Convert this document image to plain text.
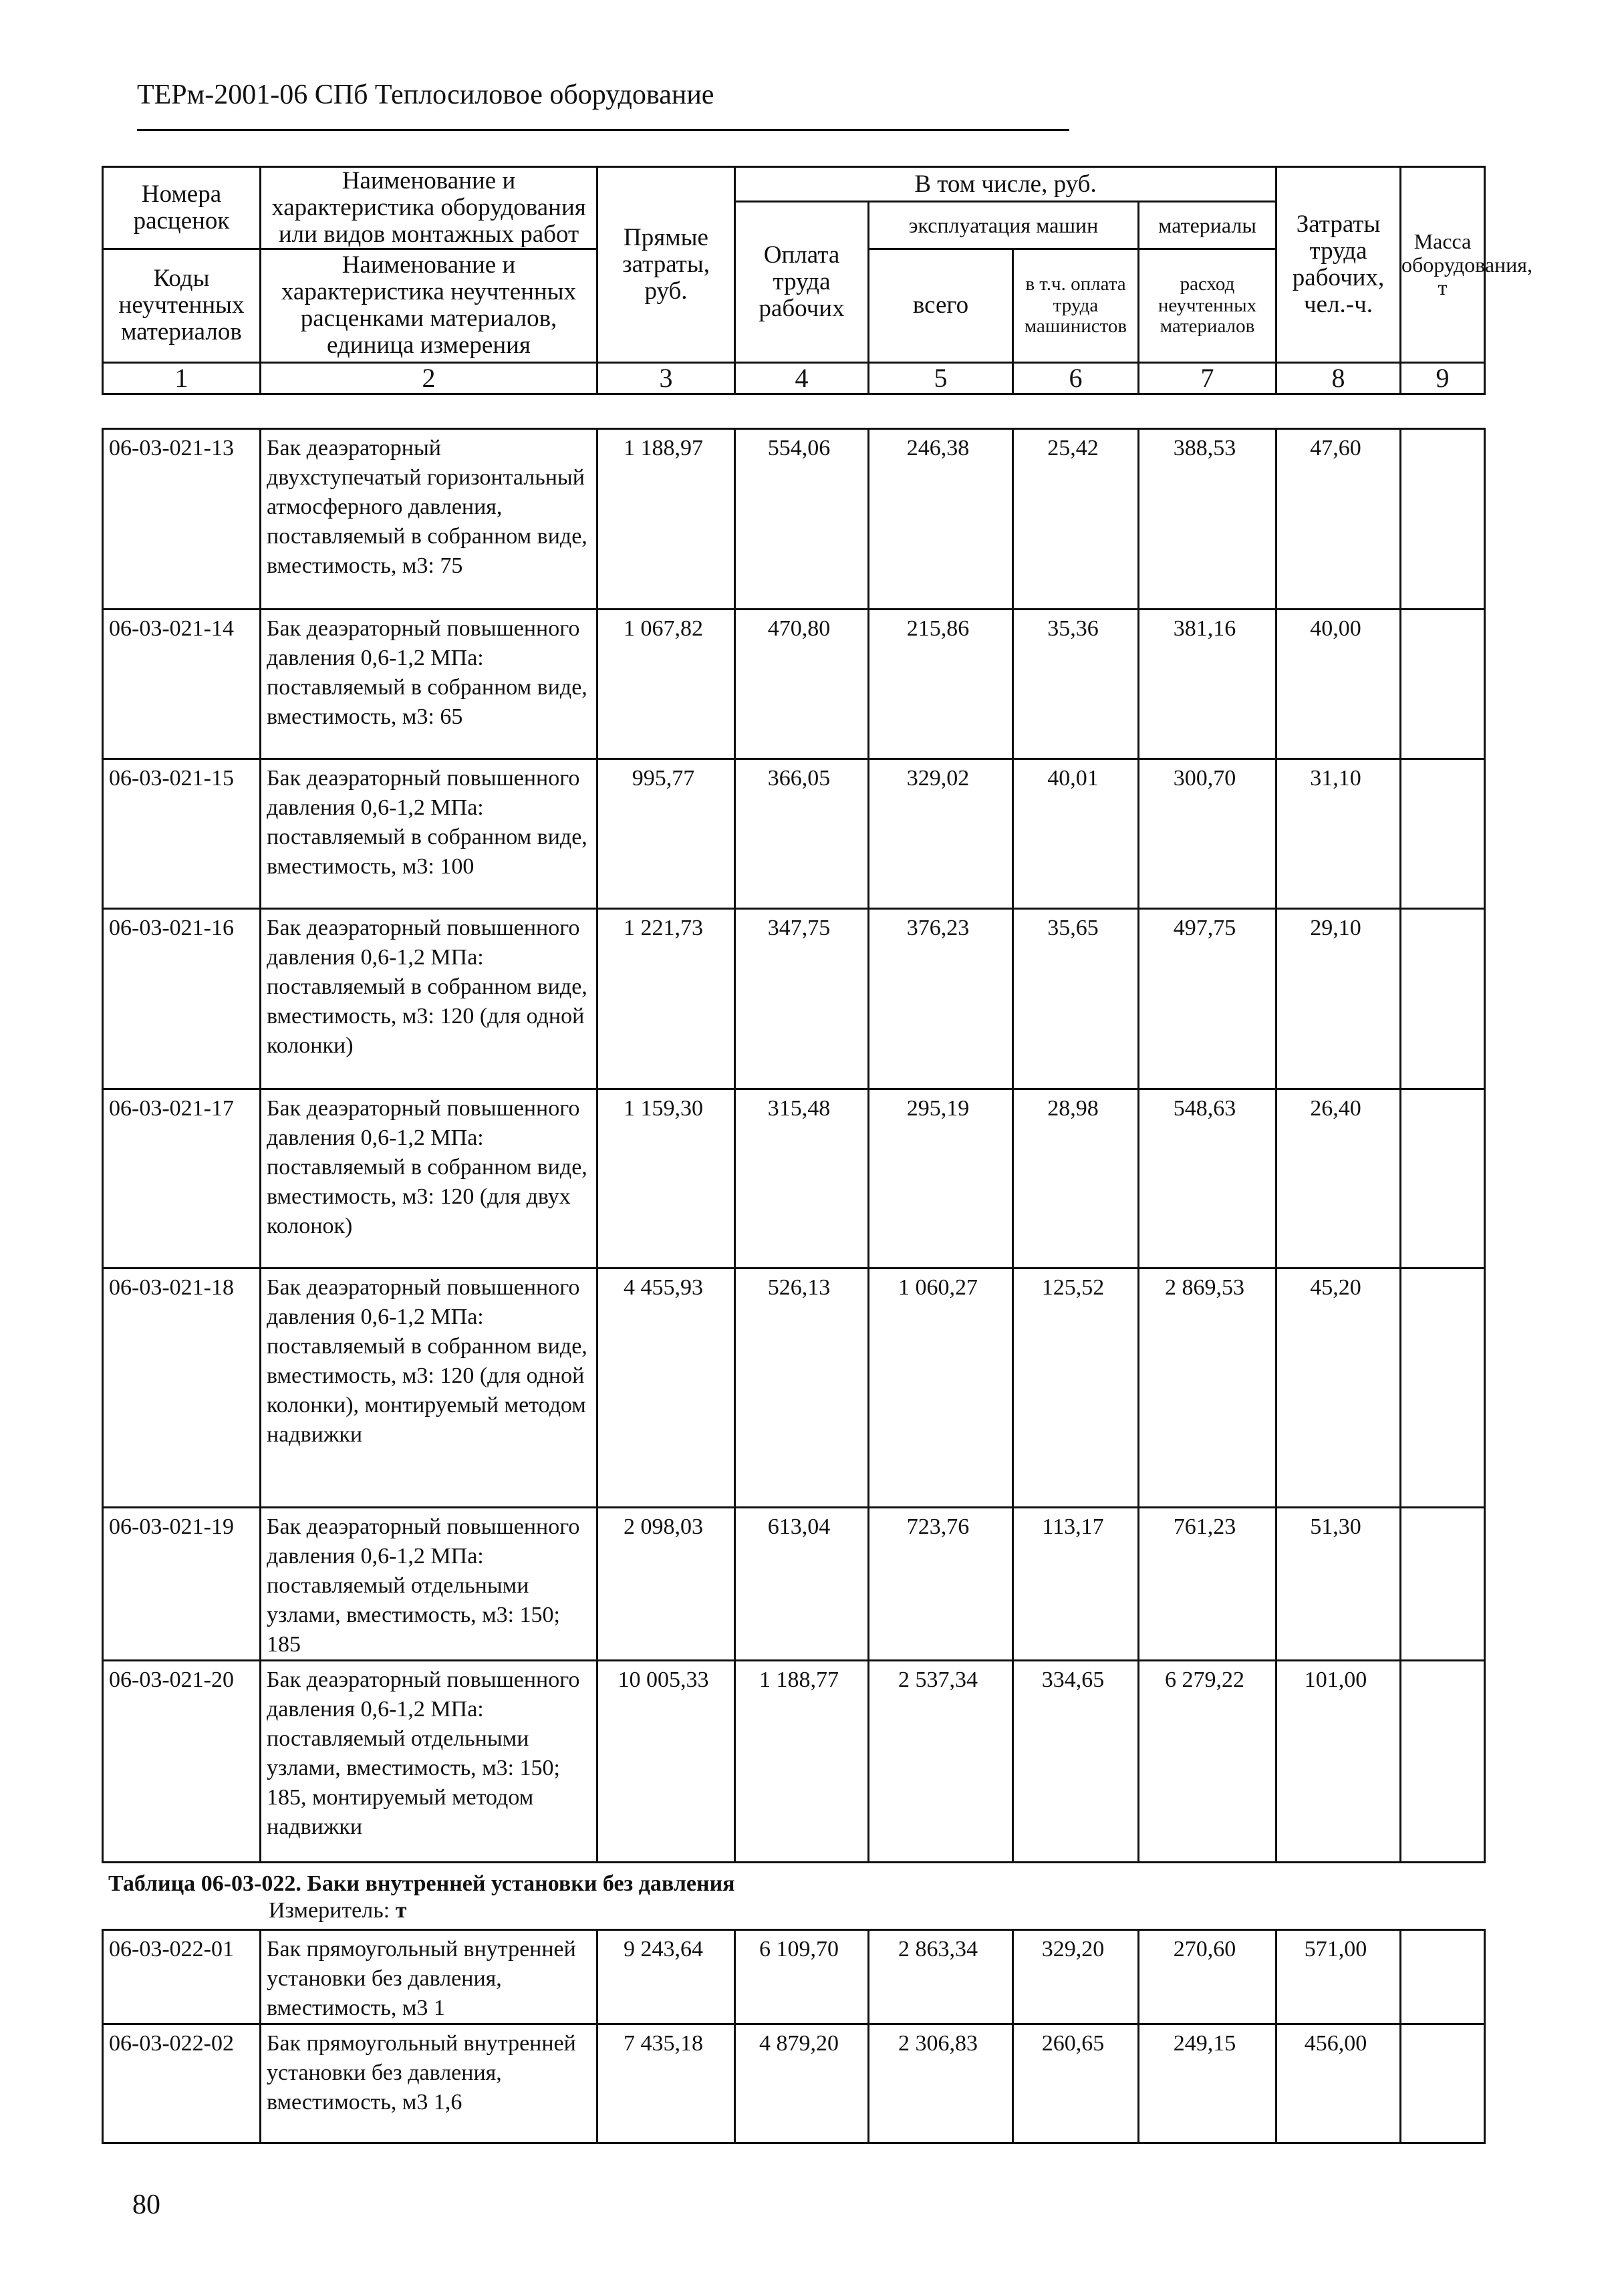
ТЕРм-2001-06 СПб Теплосиловое оборудование
Номера расценок	Наименование и характеристика оборудования или видов монтажных работ	Прямые затраты, руб.	В том числе, руб.				Затраты труда рабочих, чел.-ч.	Масса оборудования, т
			Оплата труда рабочих	эксплуатация машин		материалы		
Коды неучтенных материалов	Наименование и характеристика неучтенных расценками материалов, единица измерения			всего	в т.ч. оплата труда машинистов	расход неучтенных материалов		

1	2	3	4	5	6	7	8	9
06-03-021-13	Бак деаэраторный двухступечатый горизонтальный атмосферного давления, поставляемый в собранном виде, вместимость, м3: 75	1 188,97	554,06	246,38	25,42	388,53	47,60	
06-03-021-14	Бак деаэраторный повышенного давления 0,6-1,2 МПа: поставляемый в собранном виде, вместимость, м3: 65	1 067,82	470,80	215,86	35,36	381,16	40,00	
06-03-021-15	Бак деаэраторный повышенного давления 0,6-1,2 МПа: поставляемый в собранном виде, вместимость, м3: 100	995,77	366,05	329,02	40,01	300,70	31,10	
06-03-021-16	Бак деаэраторный повышенного давления 0,6-1,2 МПа: поставляемый в собранном виде, вместимость, м3: 120 (для одной колонки)	1 221,73	347,75	376,23	35,65	497,75	29,10	
06-03-021-17	Бак деаэраторный повышенного давления 0,6-1,2 МПа: поставляемый в собранном виде, вместимость, м3: 120 (для двух колонок)	1 159,30	315,48	295,19	28,98	548,63	26,40	
06-03-021-18	Бак деаэраторный повышенного давления 0,6-1,2 МПа: поставляемый в собранном виде, вместимость, м3: 120 (для одной колонки), монтируемый методом надвижки	4 455,93	526,13	1 060,27	125,52	2 869,53	45,20	
06-03-021-19	Бак деаэраторный повышенного давления 0,6-1,2 МПа: поставляемый отдельными узлами, вместимость, м3: 150; 185	2 098,03	613,04	723,76	113,17	761,23	51,30	
06-03-021-20	Бак деаэраторный повышенного давления 0,6-1,2 МПа: поставляемый отдельными узлами, вместимость, м3: 150; 185, монтируемый методом надвижки	10 005,33	1 188,77	2 537,34	334,65	6 279,22	101,00	
Таблица 06-03-022. Баки внутренней установки без давления
Измеритель: т
06-03-022-01	Бак прямоугольный внутренней установки без давления, вместимость, м3 1	9 243,64	6 109,70	2 863,34	329,20	270,60	571,00	
06-03-022-02	Бак прямоугольный внутренней установки без давления, вместимость, м3 1,6	7 435,18	4 879,20	2 306,83	260,65	249,15	456,00	
80
